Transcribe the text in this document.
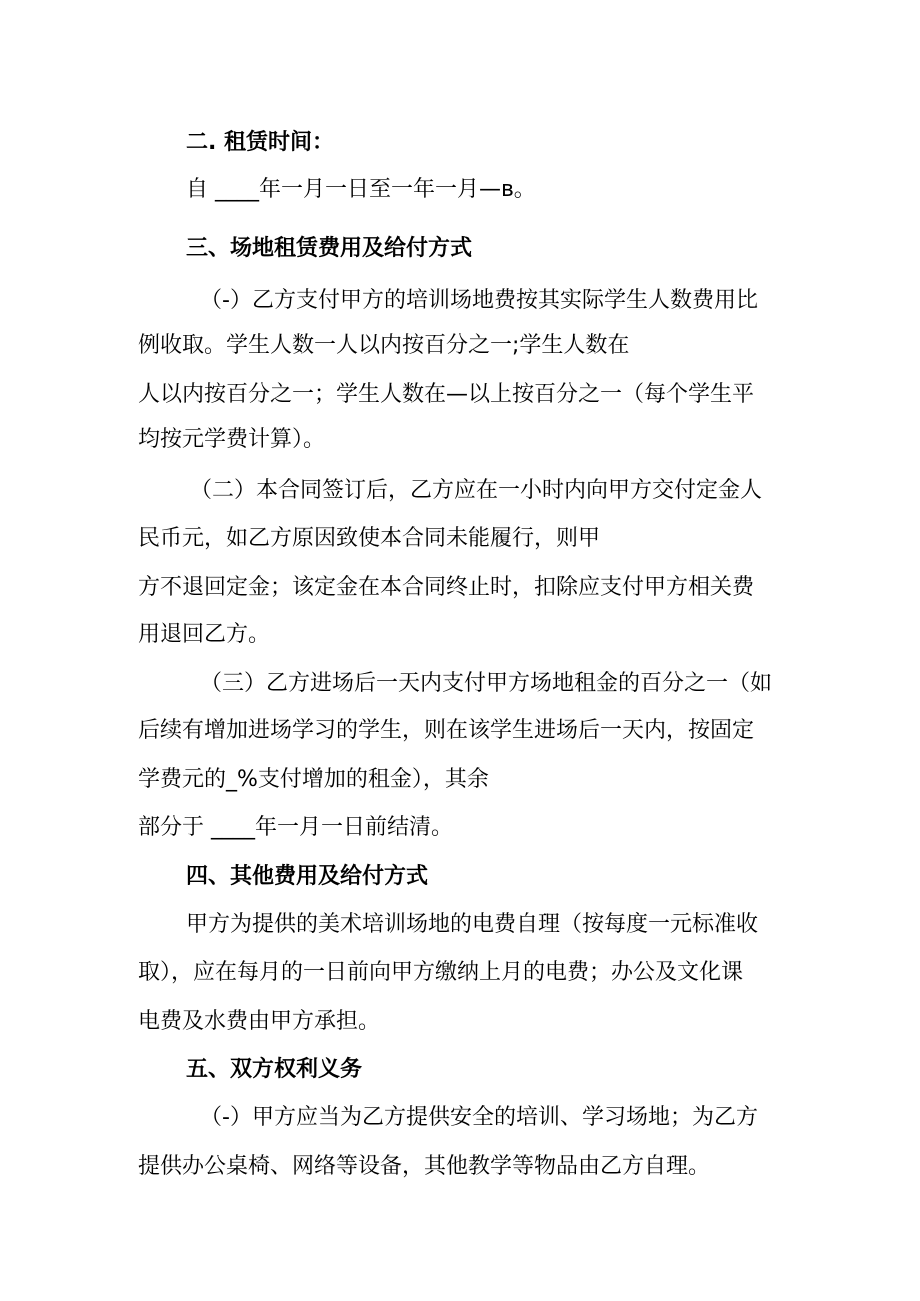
二. 租赁时间：

自 ____年一月一日至一年一月—ʙ。

三、场地租赁费用及给付方式

（-）乙方支付甲方的培训场地费按其实际学生人数费用比

例收取。学生人数一人以内按百分之一;学生人数在

人以内按百分之一；学生人数在—以上按百分之一（每个学生平

均按元学费计算）。

（二）本合同签订后，乙方应在一小时内向甲方交付定金人

民币元，如乙方原因致使本合同未能履行，则甲

方不退回定金；该定金在本合同终止时，扣除应支付甲方相关费

用退回乙方。

（三）乙方进场后一天内支付甲方场地租金的百分之一（如

后续有增加进场学习的学生，则在该学生进场后一天内，按固定

学费元的_%支付增加的租金），其余

部分于 ____年一月一日前结清。

四、其他费用及给付方式

甲方为提供的美术培训场地的电费自理（按每度一元标准收

取），应在每月的一日前向甲方缴纳上月的电费；办公及文化课

电费及水费由甲方承担。

五、双方权利义务

（-）甲方应当为乙方提供安全的培训、学习场地；为乙方

提供办公桌椅、网络等设备，其他教学等物品由乙方自理。
